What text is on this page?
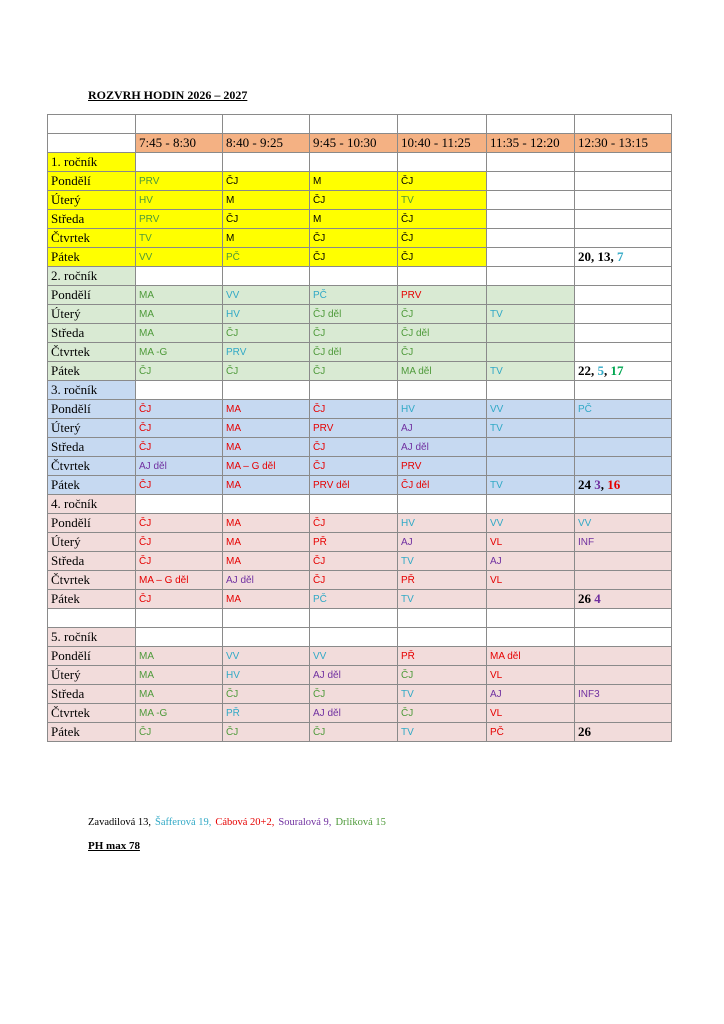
ROZVRH HODIN 2026 – 2027

	7:45 - 8:30	8:40 - 9:25	9:45 - 10:30	10:40 - 11:25	11:35 - 12:20	12:30 - 13:15
1. ročník						
Pondělí	PRV	ČJ	M	ČJ		
Úterý	HV	M	ČJ	TV		
Středa	PRV	ČJ	M	ČJ		
Čtvrtek	TV	M	ČJ	ČJ		
Pátek	VV	PČ	ČJ	ČJ		20, 13, 7
2. ročník						
Pondělí	MA	VV	PČ	PRV		
Úterý	MA	HV	ČJ děl	ČJ	TV	
Středa	MA	ČJ	ČJ	ČJ děl		
Čtvrtek	MA -G	PRV	ČJ děl	ČJ		
Pátek	ČJ	ČJ	ČJ	MA děl	TV	22, 5, 17
3. ročník						
Pondělí	ČJ	MA	ČJ	HV	VV	PČ
Úterý	ČJ	MA	PRV	AJ	TV	
Středa	ČJ	MA	ČJ	AJ děl		
Čtvrtek	AJ děl	MA – G děl	ČJ	PRV		
Pátek	ČJ	MA	PRV děl	ČJ děl	TV	24 3, 16
4. ročník						
Pondělí	ČJ	MA	ČJ	HV	VV	VV
Úterý	ČJ	MA	PŘ	AJ	VL	INF
Středa	ČJ	MA	ČJ	TV	AJ	
Čtvrtek	MA – G děl	AJ děl	ČJ	PŘ	VL	
Pátek	ČJ	MA	PČ	TV		26 4

5. ročník						
Pondělí	MA	VV	VV	PŘ	MA děl	
Úterý	MA	HV	AJ děl	ČJ	VL	
Středa	MA	ČJ	ČJ	TV	AJ	INF3
Čtvrtek	MA -G	PŘ	AJ děl	ČJ	VL	
Pátek	ČJ	ČJ	ČJ	TV	PČ	26

Zavadilová 13, Šafferová 19, Cábová 20+2, Souralová 9, Drlíková 15

PH max 78
